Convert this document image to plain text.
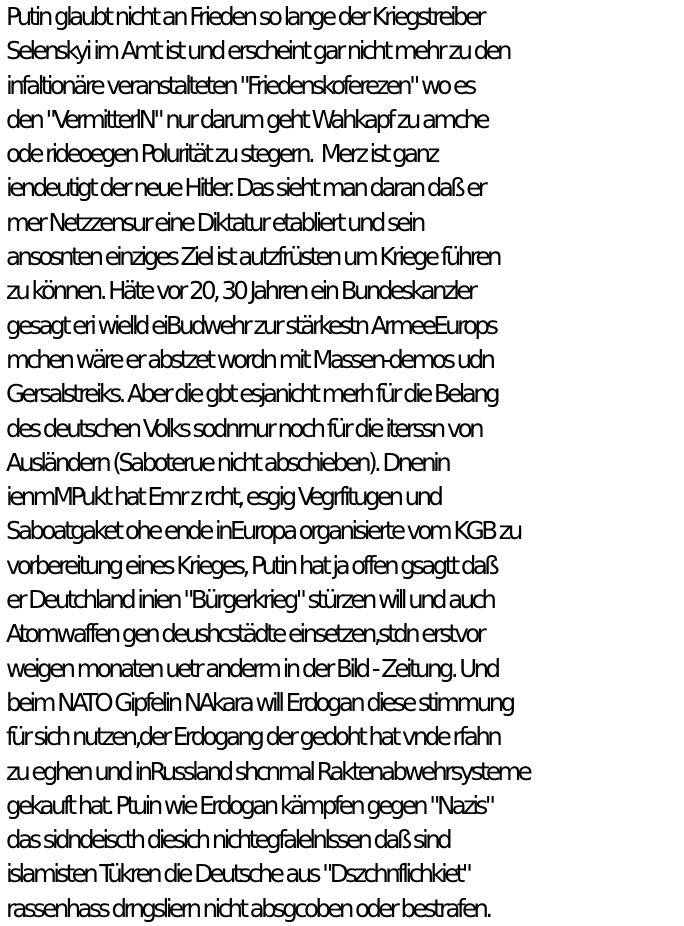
Putin glaubt nicht an Frieden so lange der Kriegstreiber
Selenskyi im Amt ist und erscheint gar nicht mehr zu den
infaltionäre veranstalteten "Friedenskoferezen" wo es
den "VermitterlN" nur darum geht Wahkapf zu amche
ode rideoegen Polurität zu stegern.  Merz ist ganz
iendeutigt der neue Hitler. Das sieht man daran daß er
mer Netzzensur eine Diktatur etabliert und sein
ansosnten einziges Ziel ist autzfrüsten um Kriege führen
zu können. Häte vor 20, 30 Jahren ein Bundeskanzler
gesagt eri wielld eiBudwehr zur stärkestn ArmeeEurops
mchen wäre er abstzet wordn mit Massen-demos udn
Gersalstreiks. Aber die gbt esjanicht merh für die Belang
des deutschen Volks sodnrnur noch für die iterssn von
Ausländern (Saboterue nicht abschieben). Dnenin
ienmMPukt hat Emr z rcht, esgig Vegrfitugen und
Saboatgaket ohe ende inEuropa organisierte vom KGB zu
vorbereitung eines Krieges, Putin hat ja offen gsagtt daß
er Deutchland inien "Bürgerkrieg" stürzen will und auch
Atomwaffen gen deushcstädte einsetzen,stdn erstvor
weigen monaten uetr anderm in der Bild - Zeitung. Und
beim NATO Gipfelin NAkara will Erdogan diese stimmung
für sich nutzen,der Erdogang der gedoht hat vnde rfahn
zu eghen und inRussland shcnmal Raktenabwehrsysteme
gekauft hat. Ptuin wie Erdogan kämpfen gegen "Nazis"
das sidndeiscth diesich nichtegfalelnlssen daß sind
islamisten Tükren die Deutsche aus "Dszchnflichkiet"
rassenhass drngsliern nicht absgcoben oder bestrafen.
